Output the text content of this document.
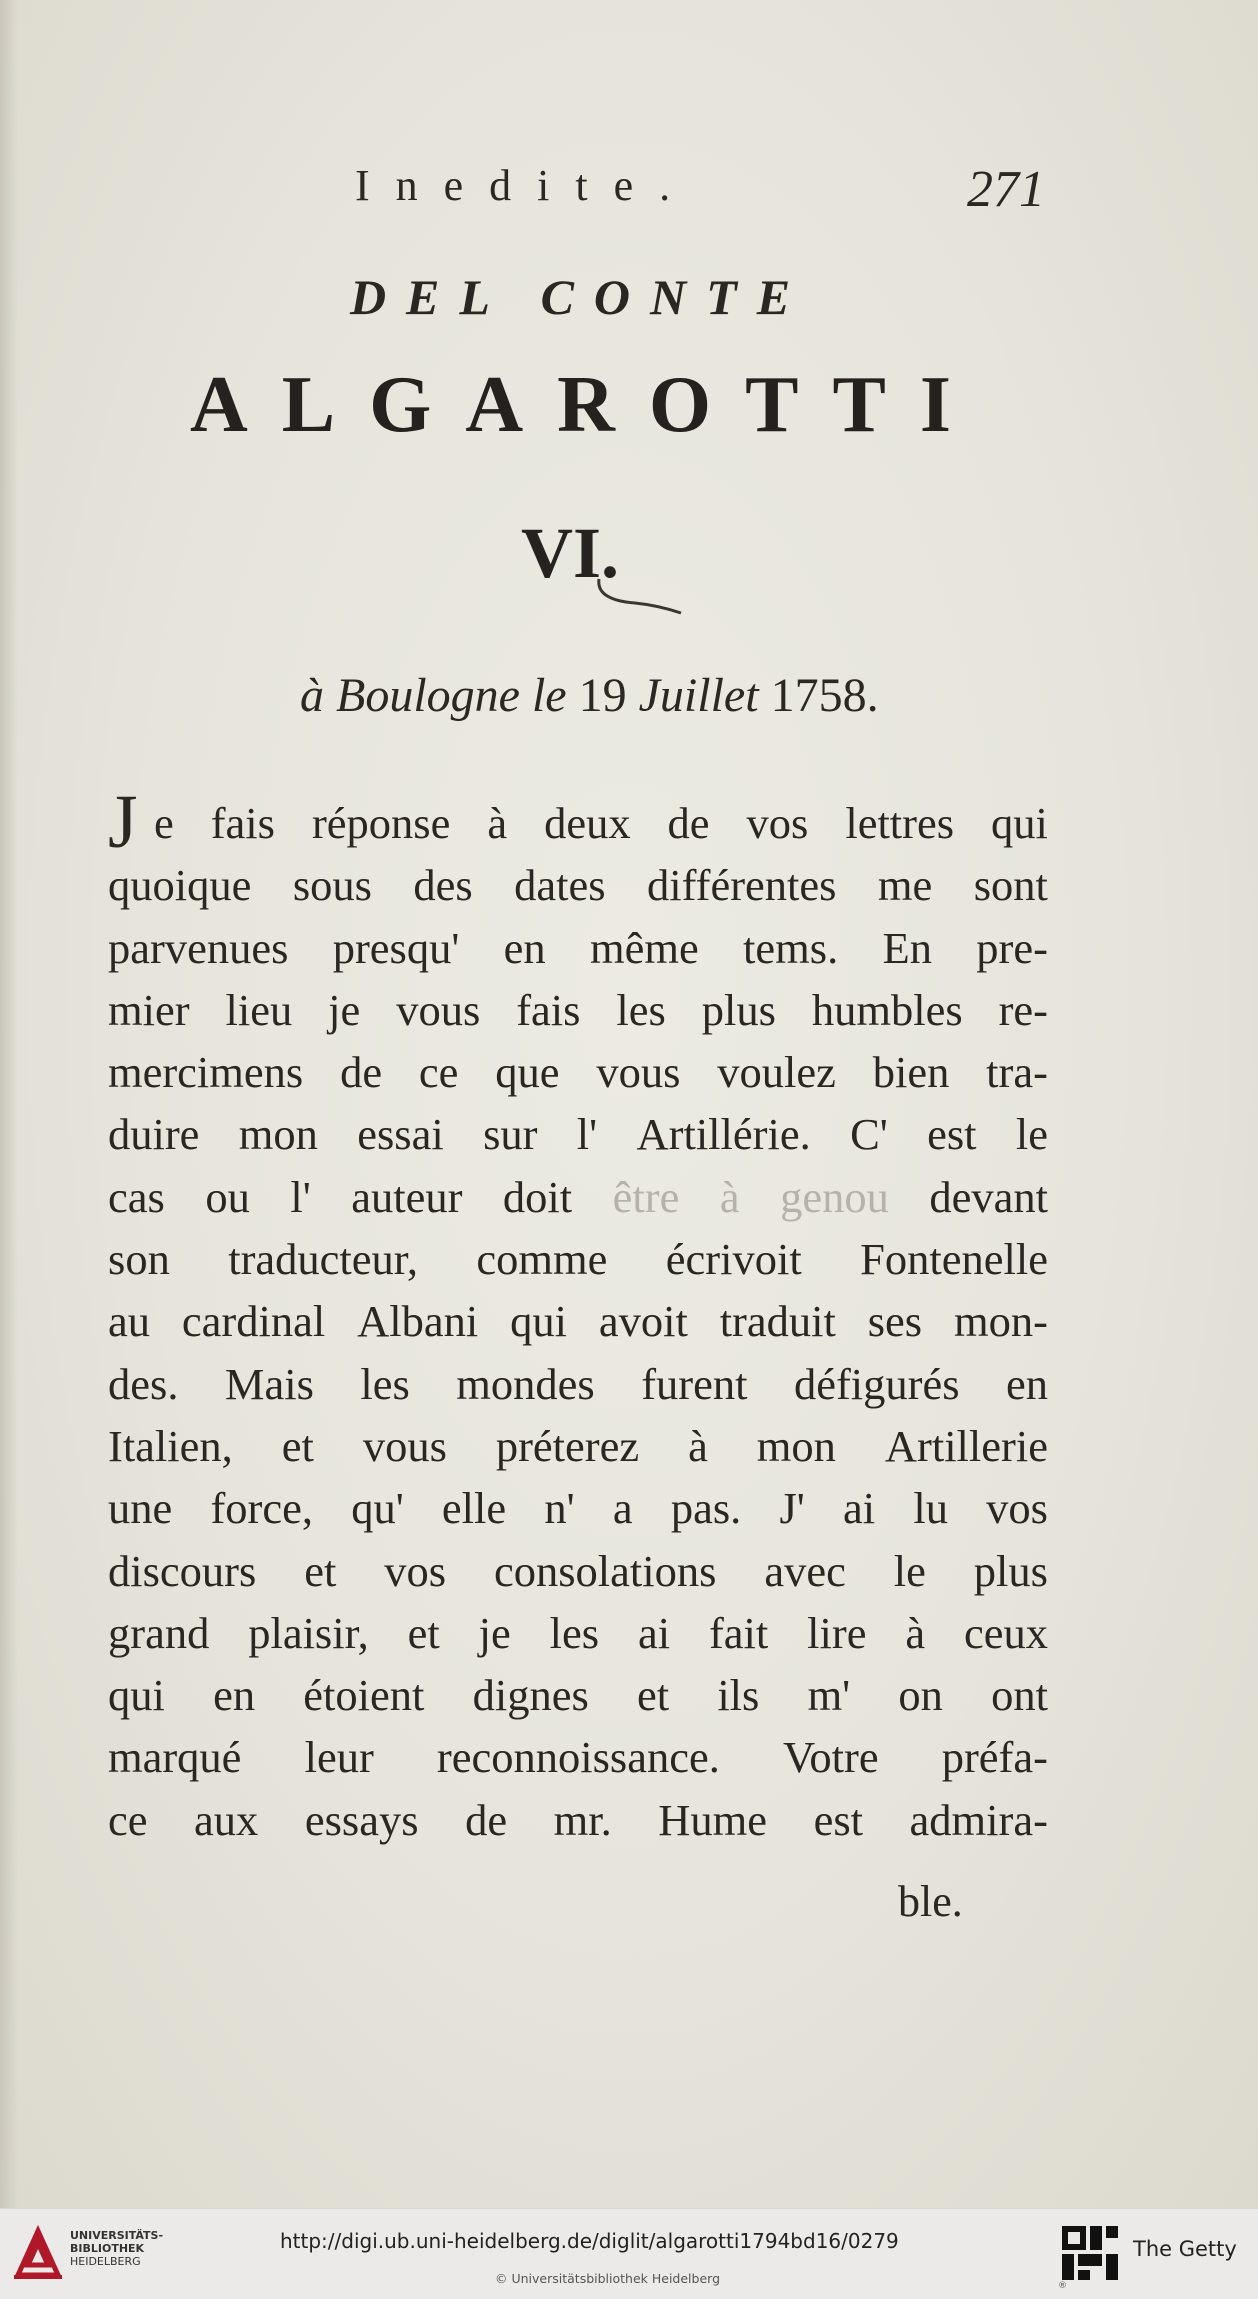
Inedite.	271
DEL CONTE
ALGAROTTI
VI.
à Boulogne le 19 Juillet 1758.
J e fais réponse à deux de vos lettres qui
quoique sous des dates différentes me sont
parvenues presqu' en même tems. En pre-
mier lieu je vous fais les plus humbles re-
mercimens de ce que vous voulez bien tra-
duire mon essai sur l' Artillérie. C' est le
cas ou l' auteur doit être à genou devant
son traducteur, comme écrivoit Fontenelle
au cardinal Albani qui avoit traduit ses mon-
des. Mais les mondes furent défigurés en
Italien, et vous préterez à mon Artillerie
une force, qu' elle n' a pas. J' ai lu vos
discours et vos consolations avec le plus
grand plaisir, et je les ai fait lire à ceux
qui en étoient dignes et ils m' on ont
marqué leur reconnoissance. Votre préfa-
ce aux essays de mr. Hume est admira-
ble.
UNIVERSITÄTS-
BIBLIOTHEK
HEIDELBERG
http://digi.ub.uni-heidelberg.de/diglit/algarotti1794bd16/0279
© Universitätsbibliothek Heidelberg	®
The Getty
